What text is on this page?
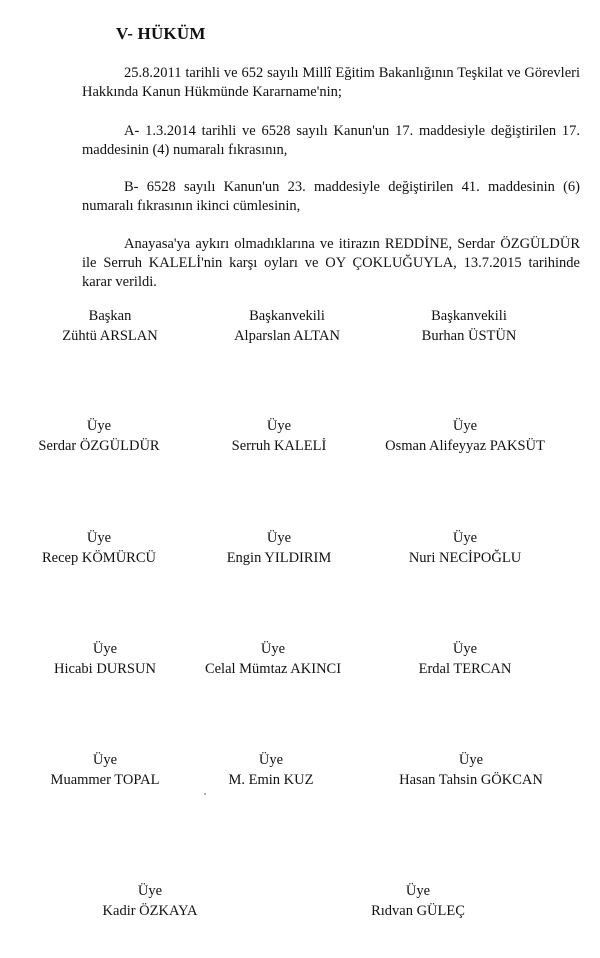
V- HÜKÜM
25.8.2011 tarihli ve 652 sayılı Millî Eğitim Bakanlığının Teşkilat ve Görevleri Hakkında Kanun Hükmünde Kararname'nin;
A- 1.3.2014 tarihli ve 6528 sayılı Kanun'un 17. maddesiyle değiştirilen 17. maddesinin (4) numaralı fıkrasının,
B- 6528 sayılı Kanun'un 23. maddesiyle değiştirilen 41. maddesinin (6) numaralı fıkrasının ikinci cümlesinin,
Anayasa'ya aykırı olmadıklarına ve itirazın REDDİNE, Serdar ÖZGÜLDÜR ile Serruh KALELİ'nin karşı oyları ve OY ÇOKLUĞUYLA, 13.7.2015 tarihinde karar verildi.
Başkan
Zühtü ARSLAN
Başkanvekili
Alparslan ALTAN
Başkanvekili
Burhan ÜSTÜN
Üye
Serdar ÖZGÜLDÜR
Üye
Serruh KALELİ
Üye
Osman Alifeyyaz PAKSÜT
Üye
Recep KÖMÜRCÜ
Üye
Engin YILDIRIM
Üye
Nuri NECİPOĞLU
Üye
Hicabi DURSUN
Üye
Celal Mümtaz AKINCI
Üye
Erdal TERCAN
Üye
Muammer TOPAL
Üye
M. Emin KUZ
Üye
Hasan Tahsin GÖKCAN
Üye
Kadir ÖZKAYA
Üye
Rıdvan GÜLEÇ
